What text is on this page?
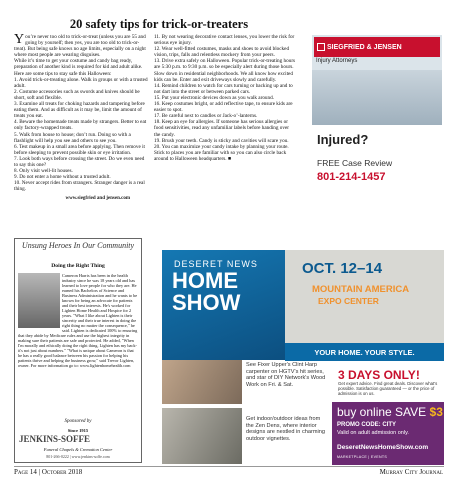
20 safety tips for trick-or-treaters
Y ou’re never too old to trick-or-treat (unless you are 55 and going by yourself; then yes, you are too old to trick-or-treat). But being safe knows no age limits, especially on a night where most people are wearing disguises.

While it’s time to get your costume and candy bag ready, preparation of another kind is required for kid and adult alike. Here are some tips to stay safe this Halloween:

1. Avoid trick-or-treating alone. Walk in groups or with a trusted adult.

2. Costume accessories such as swords and knives should be short, soft and flexible.

3. Examine all treats for choking hazards and tampering before eating them. And as difficult as it may be, limit the amount of treats you eat.

4. Beware the homemade treats made by strangers. Better to eat only factory-wrapped treats.

5. Walk from house to house; don’t run. Doing so with a flashlight will help you see and others to see you.

6. Test makeup in a small area before applying. Then remove it before sleeping to prevent possible skin or eye irritation.

7. Look both ways before crossing the street. Do we even need to say this one?

8. Only visit well-lit houses.

9. Do not enter a home without a trusted adult.

10. Never accept rides from strangers. Stranger danger is a real thing.

11. By not wearing decorative contact lenses, you lower the risk for serious eye injury.

12. Wear well-fitted costumes, masks and shoes to avoid blocked vision, trips, falls and relentless mockery from your peers.

13. Drive extra safely on Halloween. Popular trick-or-treating hours are 5:30 p.m. to 9:30 p.m. so be especially alert during those hours. Slow down in residential neighborhoods. We all know how excited kids can be. Enter and exit driveways slowly and carefully.

14. Remind children to watch for cars turning or backing up and to not dart into the street or between parked cars.

15. Put your electronic devices down as you walk around.

16. Keep costumes bright, or add reflective tape, to ensure kids are easier to spot.

17. Be careful next to candles or Jack-o’-lanterns.

18. Keep an eye for allergies. If someone has serious allergies or food sensitivities, read any unfamiliar labels before handing over the candy.

19. Brush your teeth. Candy is sticky and cavities will scare you.

20. You can maximize your candy intake by planning your route. Stick to places you are familiar with so you can also circle back around to Halloween headquarters. ■

SIEGFRIED & JENSEN
Injury Attorneys
Injured?
FREE Case Review
801-214-1457
www.siegfried and jensen.com
Unsung Heroes In Our Community
Doing the Right Thing
Cameron Harris has been in the health industry since he was 18 years old and has learned to love people for who they are. He earned his Bachelors of Science and Business Administration and he wants to be known for being an advocate for patients and their best interests. He's worked for Lighten Home Health and Hospice for 2 years. "What I like about Lighten is their sincerity and their true interest in doing the right thing no matter the consequence," he said. Lighten is dedicated 100% to ensuring that they abide by Medicare rules and use the highest integrity in making sure their patients are safe and protected. He added, "When I'm morally and ethically doing the right thing, Lighten has my back- it's not just about numbers." "What is unique about Cameron is that he has a really good balance between his passion for helping his patients thrive and helping the business grow," said Trevor Lighten, owner. For more information go to: www.lightenhomehealth.com
Sponsored by
Since 1915
JENKINS-SOFFE
Funeral Chapels & Cremation Center
801-266-0222 | www.jenkins-soffe.com
DESERET NEWS
HOME
SHOW
OCT. 12–14
MOUNTAIN AMERICA
EXPO CENTER
YOUR HOME. YOUR STYLE.
See Fixer Upper's Clint Harp carpenter on HGTV's hit series, and star of DIY Network's Wood Work on Fri. & Sat.
Get indoor/outdoor ideas from the Zen Dens, where interior designs are nestled in charming outdoor vignettes.
3 DAYS ONLY!
Get expert advice. Find great deals. Discover what's possible. Satisfaction guaranteed — or the price of admission is on us.
buy online SAVE $3
PROMO CODE: CITY
Valid on adult admission only.
DeseretNewsHomeShow.com
MARKETPLACE | EVENTS
Page 14 | October 2018	Murray City Journal
